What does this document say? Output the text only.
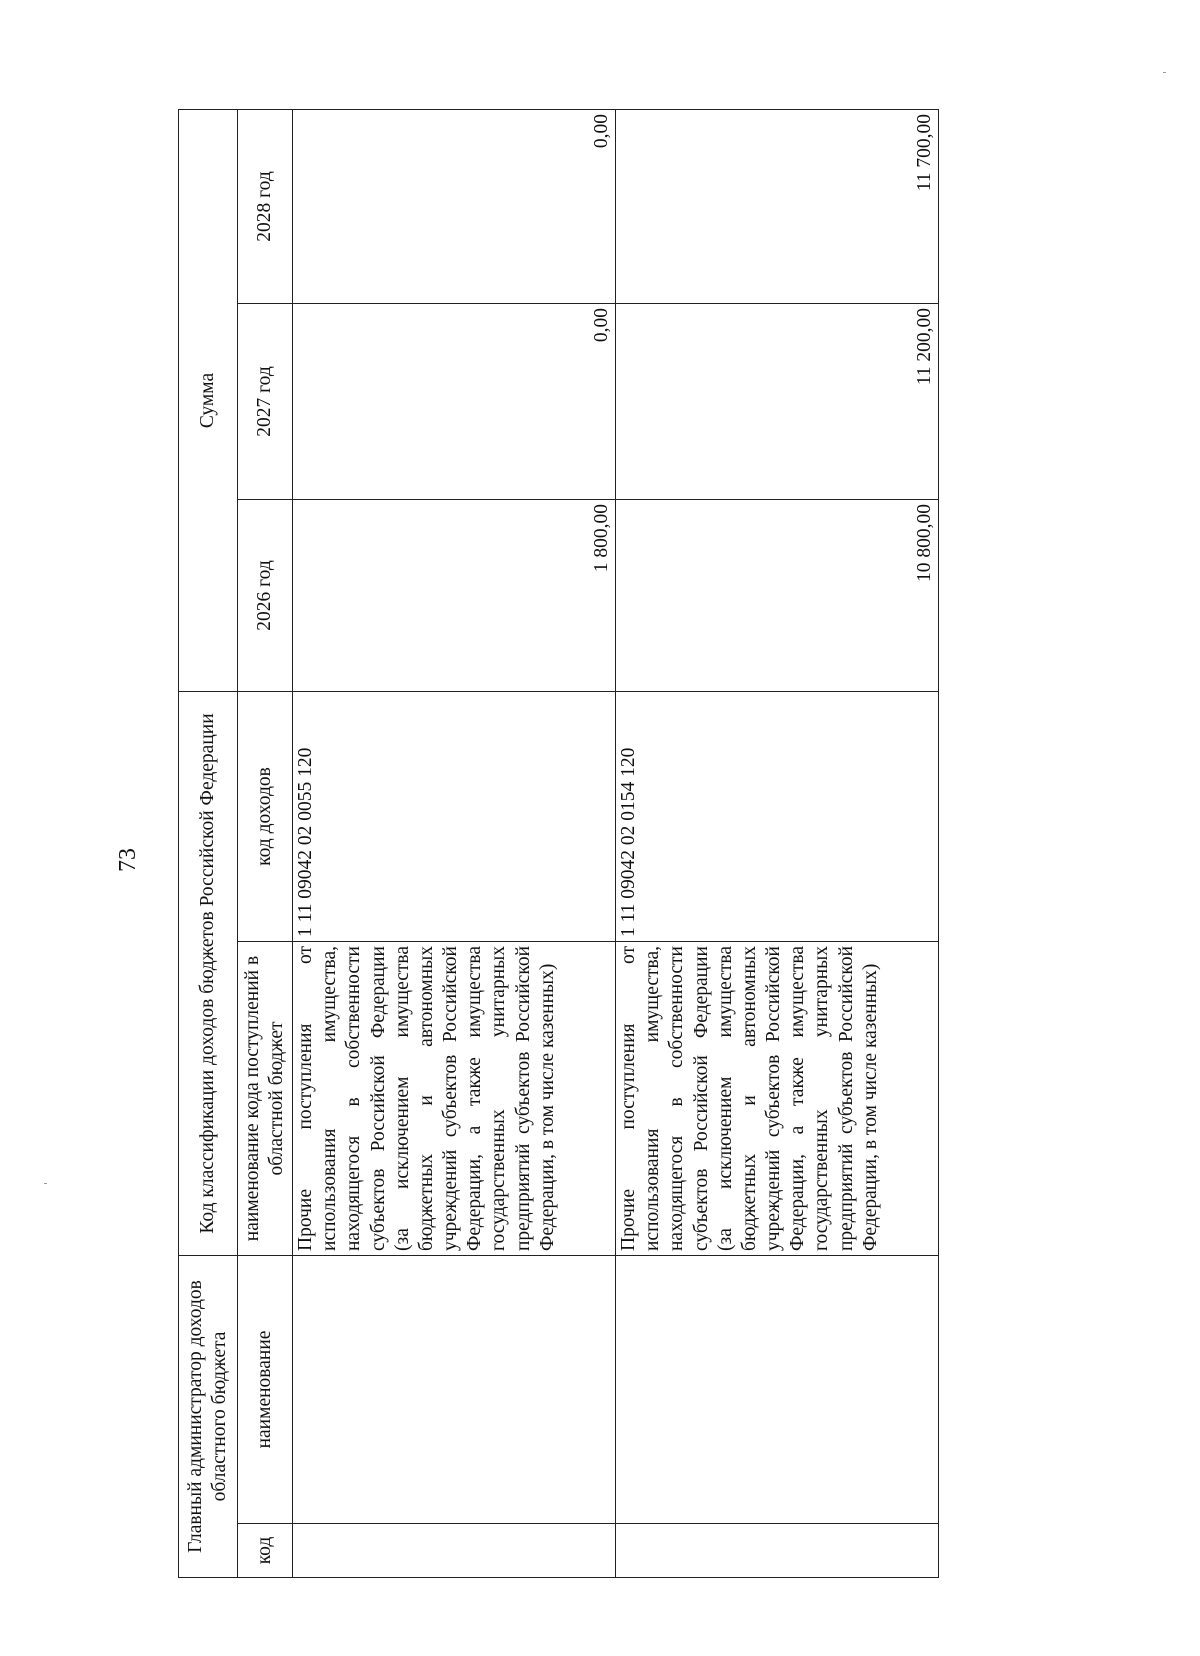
73
Главный администратор доходов областного бюджета		Код классификации доходов бюджетов Российской Федерации		Сумма		
код	наименование	наименование кода поступлений в областной бюджет	код доходов	2026 год	2027 год	2028 год
		Прочие поступления от использования имущества, находящегося в собственности субъектов Российской Федерации (за исключением имущества бюджетных и автономных учреждений субъектов Российской Федерации, а также имущества государственных унитарных предприятий субъектов Российской Федерации, в том числе казенных)	1 11 09042 02 0055 120	1 800,00	0,00	0,00
		Прочие поступления от использования имущества, находящегося в собственности субъектов Российской Федерации (за исключением имущества бюджетных и автономных учреждений субъектов Российской Федерации, а также имущества государственных унитарных предприятий субъектов Российской Федерации, в том числе казенных)	1 11 09042 02 0154 120	10 800,00	11 200,00	11 700,00
